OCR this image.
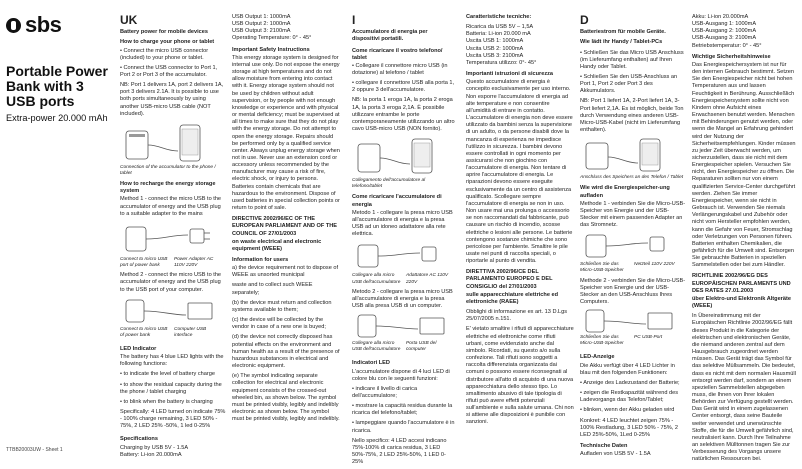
sbs
Portable Power Bank with 3 USB ports
Extra-power 20.000 mAh

UK

Battery power for mobile devices

How to charge your phone or tablet

• Connect the micro USB connector (included) to your phone or tablet.

• Connect the USB connector to Port 1, Port 2 or Port 3 of the accumulator.

NB: Port 1 delivers 1A, port 2 delivers 1A, port 3 delivers 2.1A. It is possible to use both ports simultaneously by using another USB-micro USB cable (NOT included).

Connection of the accumulator to the phone / tablet

How to recharge the energy storage system

Method 1 - connect the micro USB to the accumulator of energy and the USB plug to a suitable adapter to the mains

Connect to micro USB port of power bank

Power Adapter AC 110V 220V

Method 2 - connect the micro USB to the accumulator of energy and the USB plug to the USB port of your computer.

Connect to micro USB of power bank

Computer USB interface

LED Indicator

The battery has 4 blue LED lights with the following functions:

• to indicate the level of battery charge

• to show the residual capacity during the the phone / tablet charging

• to blink when the battery is charging

Specifically: 4 LED turned on indicate 75% - 100% charge remaining, 3 LED 50% - 75%, 2 LED 25% -50%, 1 led 0-25%

Specifications

Charging by USB 5V - 1.5A

Battery: Li-ion 20.000mA

USB Output 1: 1000mA

USB Output 2: 1000mA

USB Output 3: 2100mA

Operating Temperature: 0° - 45°

Important Safety Instructions

This energy storage system is designed for internal use only. Do not expose the energy storage at high temperatures and do not allow moisture from entering into contact with it. Energy storage system should not be used by children without adult supervision, or by people with not enough knowledge or experience and with physical or mental deficiency; must be supervised at all times to make sure that they do not play with the energy storage. Do not attempt to open the energy storage. Repairs should be performed only by a qualified service center. Always unplug energy storage when not in use. Never use an extension cord or accessory unless recommended by the manufacturer may cause a risk of fire, electric shock, or injury to persons. Batteries contain chemicals that are hazardous to the environment. Dispose of used batteries in special collection points or return to point of sale.

DIRECTIVE 2002/96/EC OF THE EUROPEAN PARLIAMENT AND OF THE COUNCIL OF 27/01/2003

on waste electrical and electronic equipment (WEEE)

Information for users

a) the device requirement not to dispose of WEEE as unsorted municipal

waste and to collect such WEEE separately;

(b) the device must return and collection systems available to them;

(c) the device will be collected by the vendor in case of a new one is buyed;

(d) the device not correctly disposed has potential effects on the environment and human health as a result of the presence of hazardous substances in electrical and electronic equipment.

(e) The symbol indicating separate collection for electrical and electronic equipment consists of the crossed-out wheeled bin, as shown below. The symbol must be printed visibly, legibly and indelibly electronic as shown below. The symbol must be printed visibly, legibly and indelibly.

I

Accumulatore di energia per dispositivi portatili.

Come ricaricare il vostro telefono/ tablet

• Collegare il connettore micro USB (in dotazione) al telefono / tablet

• collegare il connettore USB alla porta 1, 2 oppure 3 dell'accumulatore.

NB: la porta 1 eroga 1A, la porta 2 eroga 1A, la porta 3 eroga 2,1A. È possibile utilizzare entrambe le porte contemporaneamente utilizzando un altro cavo USB-micro USB (NON fornito).

Collegamento dell'accumulatore al telefono/tablet

Come ricaricare l'accumulatore di energia

Metodo 1 - collegare la presa micro USB all'accumulatore di energia e la presa USB ad un idoneo adattatore alla rete elettrica.

Collegare alla micro USB dell'accumulatore

Adattatore AC 110V 220V

Metodo 2 - collegare la presa micro USB all'accumulatore di energia e la presa USB alla presa USB di un computer.

Collegare alla micro USB dell'accumulatore

Porta USB del computer

Indicatori LED

L'accumulatore dispone di 4 luci LED di colore blu con le seguenti funzioni:

• indicare il livello di carica dell'accumulatore;

• mostrare la capacità residua durante la ricarica del telefono/tablet;

• lampeggiare quando l'accumulatore è in ricarica.

Nello specifico: 4 LED accesi indicano 75%-100% di carica residua, 3 LED 50%-75%, 2 LED 25%-50%, 1 LED 0-25%

Caratteristiche tecniche:

Ricarica da USB 5V – 1,5A

Batteria: Li-ion 20.000 mA

Uscita USB 1: 1000mA

Uscita USB 2: 1000mA

Uscita USB 3: 2100mA

Temperatura utilizzo: 0°- 45°

Importanti istruzioni di sicurezza

Questo accumulatore di energia è concepito esclusivamente per uso interno. Non esporre l'accumulatore di energia ad alte temperature e non consentire all'umidità di entrare in contatto. L'accumulatore di energia non deve essere utilizzato da bambini senza la supervisione di un adulto, o da persone disabili dove la mancanza di esperienza ne impedisce l'utilizzo in sicurezza. I bambini devono essere controllati in ogni momento per assicurarsi che non giochino con l'accumulatore di energia. Non tentare di aprire l'accumulatore di energia. Le riparazioni devono essere eseguite esclusivamente da un centro di assistenza qualificato. Scollegare sempre l'accumulatore di energia se non in uso. Non usare mai una prolunga o accessorio se non raccomandati dal fabbricante, può causare un rischio di incendio, scosse elettriche o lesioni alle persone. Le batterie contengono sostanze chimiche che sono pericolose per l'ambiente. Smaltire le pile usate nei punti di raccolta speciali, o riportarle al punto di vendita.

DIRETTIVA 2002/96/CE DEL PARLAMENTO EUROPEO E DEL CONSIGLIO del 27/01/2003

sulle apparecchiature elettriche ed elettroniche (RAEE)

Obblighi di informazione ex art. 13 D.Lgs 25/07/2005 n.151.

E' vietato smaltire i rifiuti di apparecchiature elettriche ed elettroniche come rifiuti urbani, come evidenziato anche dal simbolo. Ricordati, su questo a/o sulla confezione. Tali rifiuti sono soggetti a raccolta differenziata organizzata dai comuni o possono essere riconsegnati al distributore all'atto di acquisto di una nuova apparecchiatura dello stesso tipo. Lo smaltimento abusivo di tale tipologia di rifiuti può avere effetti potenziali sull'ambiente e sulla salute umana. Chi non si attiene alle disposizioni è punibile con sanzioni.

D

Batteriestrom für mobile Geräte.

Wie lädt ihr Handy / Tablet-PCs

• Schließen Sie das Micro USB Anschluss (im Lieferumfang enthalten) auf Ihren Handy oder Tablet.

• Schließen Sie den USB-Anschluss an Port 1, Port 2 oder Port 3 des Akkumulators.

NB: Port 1 liefert 1A, 2-Port liefert 1A, 3-Port liefert 2,1A. Es ist möglich, beide Ton durch Verwendung eines anderen USB-Micro-USB-Kabel (nicht im Lieferumfang enthalten).

Anschluss des Speichers an des Telefon / Tablet

Wie wird die Energiespeicher-ung aufladen

Methode 1 - verbinden Sie die Micro-USB-Speicher von Energie und der USB-Stecker mit einem passenden Adapter an das Stromnetz.

Schließen Sie das Micro-USB-Speicher

Netzteil 110V 220V

Methode 2 - verbinden Sie die Micro-USB-Speicher von Energie und der USB-Stecker an den USB-Anschluss Ihres Computers.

Schließen Sie das Micro-USB-Speicher

PC USB-Port

LED-Anzeige

Die Akku verfügt über 4 LED Lichter in blau mit den folgenden Funktionen:

• Anzeige des Ladezustand der Batterie;

• zeigen die Restkapazität während des Ladevorgangs das Telefon/Tablet;

• blinken, wenn der Akku geladen wird

Konkret: 4 LED leuchtet zeigen 75% - 100% Restladung, 3 LED 50% - 75%, 2 LED 25%-50%, 1Led 0-25%

Technische Daten

Aufladen von USB 5V - 1.5A

Akku: Li-ion 20.000mA

USB-Ausgang 1: 1000mA

USB-Ausgang 2: 1000mA

USB-Ausgang 3: 2100mA

Betriebstemperatur: 0° - 45°

Wichtige Sicherheitshinweise

Das Energiespeichersystem ist nur für den internen Gebrauch bestimmt. Setzen Sie den Energiespeicher nicht bei hohen Temperaturen aus und lassen Feuchtigkeit in Berührung. Ausschließlich Energiespeichersystem sollte nicht von Kindern ohne Aufsicht eines Erwachsenen benutzt werden. Menschen mit Behinderungen genutzt werden, oder wenn die Mangel an Erfahrung gehindert wird der Nutzung der Sicherheitsempfehlungen. Kinder müssen zu jeder Zeit überwacht werden, um sicherzustellen, dass sie nicht mit dem Energiespeicher spielen. Versuchen Sie nicht, den Energiespeicher zu öffnen. Die Reparaturen sollten nur von einem qualifizierten Service-Center durchgeführt werden. Ziehen Sie immer Energiespeicher, wenn sie nicht in Gebrauch ist. Verwenden Sie niemals Verlängerungskabel und Zubehör oder nicht vom Hersteller empfohlen werden, kann die Gefahr von Feuer, Stromschlag oder Verletzungen von Personen führen. Batterien enthalten Chemikalien, die gefährlich für die Umwelt sind. Entsorgen Sie gebrauchte Batterien in speziellen Sammelstellen oder bei zum Händler.

RICHTLINIE 2002/96/EG DES EUROPÄISCHEN PARLAMENTS UND DES RATES 27.01.2003

über Elektro-und Elektronik Altgeräte (WEEE)

In Übereinstimmung mit der Europäischen Richtlinie 2002/96/EG fällt dieses Produkt in die Kategorie der elektrischen und elektronischen Geräte, die niemand anderen zentral auf dem Hausgebrauch zugeordnet werden müssen. Das Gerät trägt das Symbol für das selektive Müllsammeln. Die bedeutet, dass es nicht mit dem normalen Hausmüll entsorgt werden darf, sondern an einem speziellen Sammelstellen abgegeben muss, die Ihnen von Ihrer lokalen Behörden zur Verfügung gestellt werden. Das Gerät wird in einem zugelassenen Center entsorgt, dass seine Bauteile weiter verwendet und unerwünschte Stoffe, die für die Umwelt gefährlich sind, neutralisiert kann. Durch Ihre Teilnahme an selektiven Mülltonnen tragen Sie zur Verbesserung des Vorgangs unsere natürlichen Ressourcen bei.

TTBB20003UW - Sheet 1
